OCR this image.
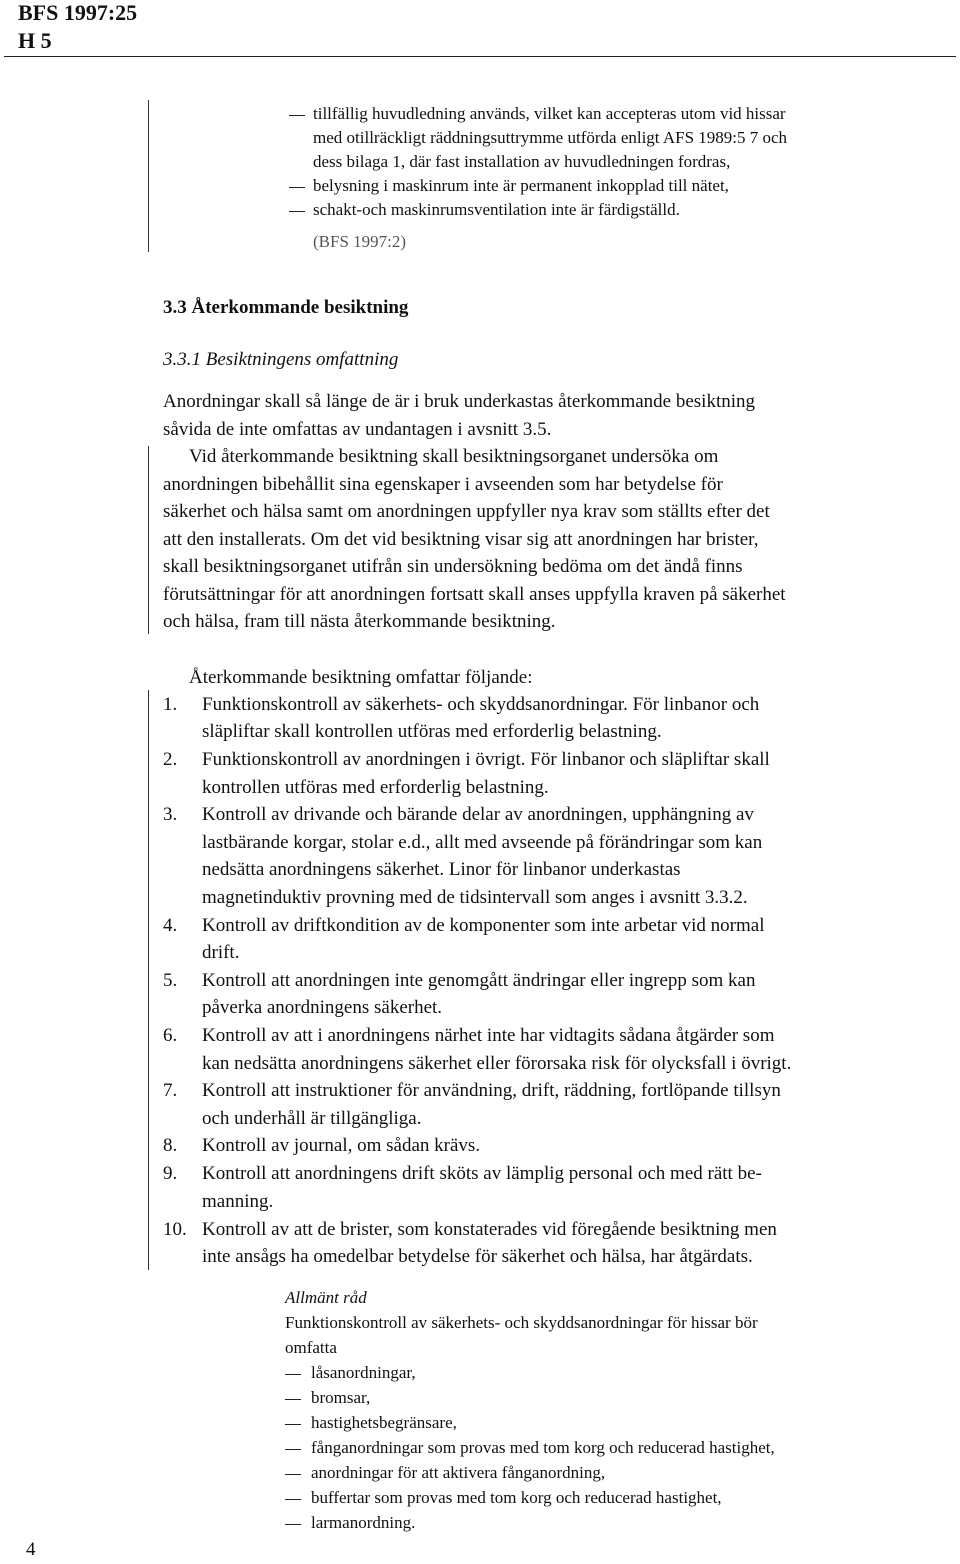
BFS 1997:25
H 5

tillfällig huvudledning används, vilket kan accepteras utom vid hissar

med otillräckligt räddningsuttrymme utförda enligt AFS 1989:5 7 och

dess bilaga 1, där fast installation av huvudledningen fordras,

belysning i maskinrum inte är permanent inkopplad till nätet,

schakt-och maskinrumsventilation inte är färdigställd.

(BFS 1997:2)

3.3 Återkommande besiktning

3.3.1 Besiktningens omfattning

Anordningar skall så länge de är i bruk underkastas återkommande besiktning

såvida de inte omfattas av undantagen i avsnitt 3.5.

Vid återkommande besiktning skall besiktningsorganet undersöka om

anordningen bibehållit sina egenskaper i avseenden som har betydelse för

säkerhet och hälsa samt om anordningen uppfyller nya krav som ställts efter det

att den installerats. Om det vid besiktning visar sig att anordningen har brister,

skall besiktningsorganet utifrån sin undersökning bedöma om det ändå finns

förutsättningar för att anordningen fortsatt skall anses uppfylla kraven på säkerhet

och hälsa, fram till nästa återkommande besiktning.

Återkommande besiktning omfattar följande:

1. Funktionskontroll av säkerhets- och skyddsanordningar. För linbanor och

släpliftar skall kontrollen utföras med erforderlig belastning.

2. Funktionskontroll av anordningen i övrigt. För linbanor och släpliftar skall

kontrollen utföras med erforderlig belastning.

3. Kontroll av drivande och bärande delar av anordningen, upphängning av

lastbärande korgar, stolar e.d., allt med avseende på förändringar som kan

nedsätta anordningens säkerhet. Linor för linbanor underkastas

magnetinduktiv provning med de tidsintervall som anges i avsnitt 3.3.2.

4. Kontroll av driftkondition av de komponenter som inte arbetar vid normal

drift.

5. Kontroll att anordningen inte genomgått ändringar eller ingrepp som kan

påverka anordningens säkerhet.

6. Kontroll av att i anordningens närhet inte har vidtagits sådana åtgärder som

kan nedsätta anordningens säkerhet eller förorsaka risk för olycksfall i övrigt.

7. Kontroll att instruktioner för användning, drift, räddning, fortlöpande tillsyn

och underhåll är tillgängliga.

8. Kontroll av journal, om sådan krävs.

9. Kontroll att anordningens drift sköts av lämplig personal och med rätt be-

manning.

10. Kontroll av att de brister, som konstaterades vid föregående besiktning men

inte ansågs ha omedelbar betydelse för säkerhet och hälsa, har åtgärdats.

Allmänt råd

Funktionskontroll av säkerhets- och skyddsanordningar för hissar bör

omfatta

låsanordningar,

bromsar,

hastighetsbegränsare,

fånganordningar som provas med tom korg och reducerad hastighet,

anordningar för att aktivera fånganordning,

buffertar som provas med tom korg och reducerad hastighet,

larmanordning.

4
